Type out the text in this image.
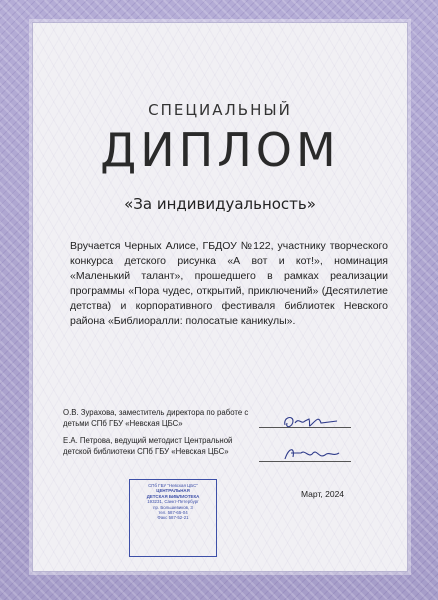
СПЕЦИАЛЬНЫЙ
ДИПЛОМ
«За индивидуальность»
Вручается Черных Алисе, ГБДОУ №122, участнику творческого конкурса детского рисунка «А вот и кот!», номинация «Маленький талант», прошедшего в рамках реализации программы «Пора чудес, открытий, приключений» (Десятилетие детства) и корпоративного фестиваля библиотек Невского района «Библиоралли: полосатые каникулы».
О.В. Зурахова, заместитель директора по работе с детьми СПб ГБУ «Невская ЦБС»
Е.А. Петрова, ведущий методист Центральной детской библиотеки СПб ГБУ «Невская ЦБС»
Март, 2024
СПб ГБУ "Невская ЦБС"
ЦЕНТРАЛЬНАЯ
ДЕТСКАЯ БИБЛИОТЕКА
193231, Санкт-Петербург
пр. Большевиков, 3
тел. 587-65-04
Факс 587-52-21
